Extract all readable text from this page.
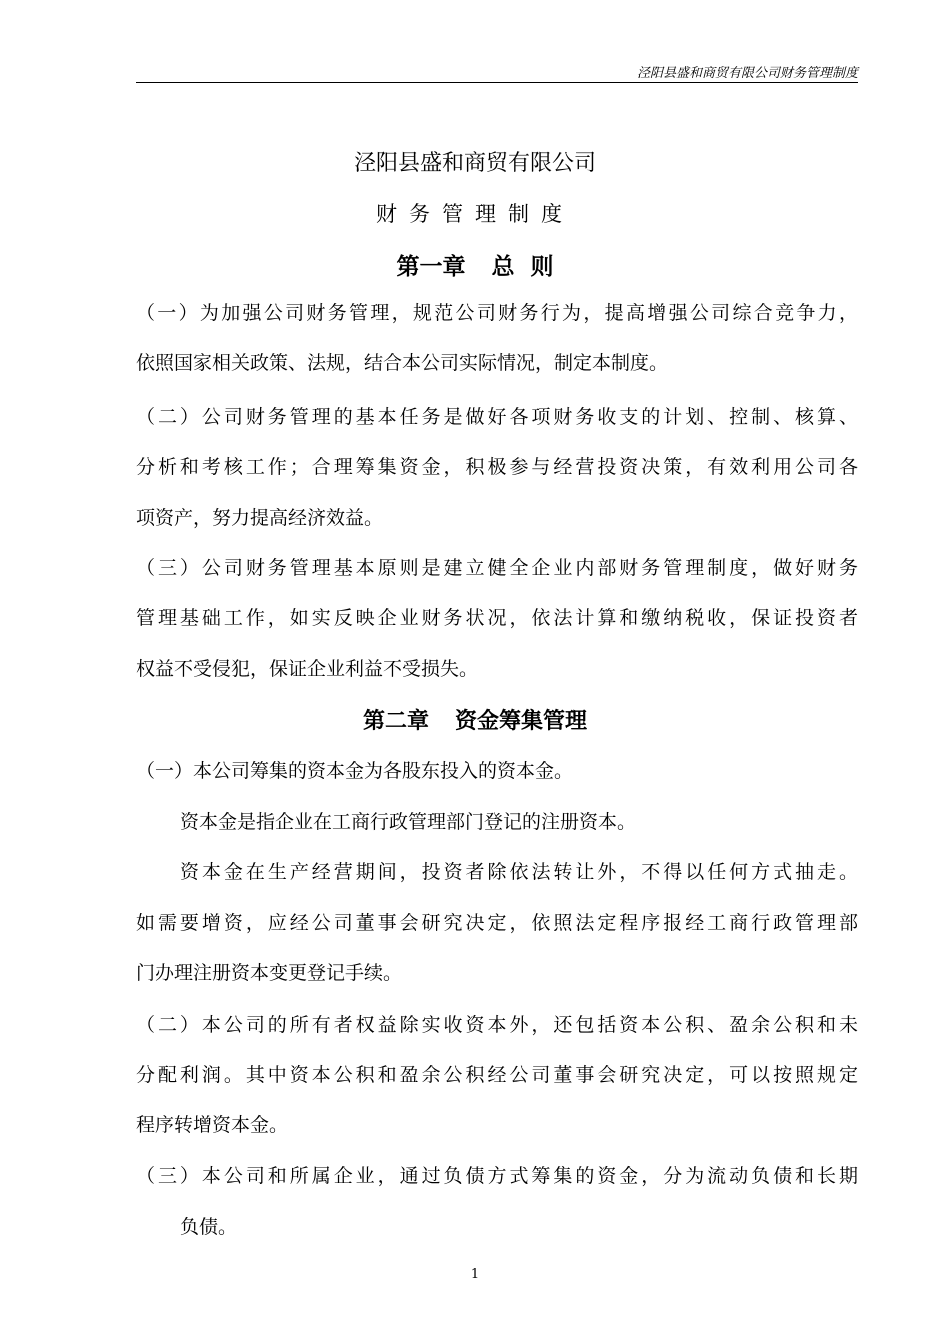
泾阳县盛和商贸有限公司财务管理制度
泾阳县盛和商贸有限公司
财务管理制度
第一章 总  则
（一）为加强公司财务管理，规范公司财务行为，提高增强公司综合竞争力，
依照国家相关政策、法规，结合本公司实际情况，制定本制度。
（二）公司财务管理的基本任务是做好各项财务收支的计划、控制、核算、
分析和考核工作；合理筹集资金，积极参与经营投资决策，有效利用公司各
项资产，努力提高经济效益。
（三）公司财务管理基本原则是建立健全企业内部财务管理制度，做好财务
管理基础工作，如实反映企业财务状况，依法计算和缴纳税收，保证投资者
权益不受侵犯，保证企业利益不受损失。
第二章 资金筹集管理
（一）本公司筹集的资本金为各股东投入的资本金。
资本金是指企业在工商行政管理部门登记的注册资本。
资本金在生产经营期间，投资者除依法转让外，不得以任何方式抽走。
如需要增资，应经公司董事会研究决定，依照法定程序报经工商行政管理部
门办理注册资本变更登记手续。
（二）本公司的所有者权益除实收资本外，还包括资本公积、盈余公积和未
分配利润。其中资本公积和盈余公积经公司董事会研究决定，可以按照规定
程序转增资本金。
（三）本公司和所属企业，通过负债方式筹集的资金，分为流动负债和长期
负债。
1
